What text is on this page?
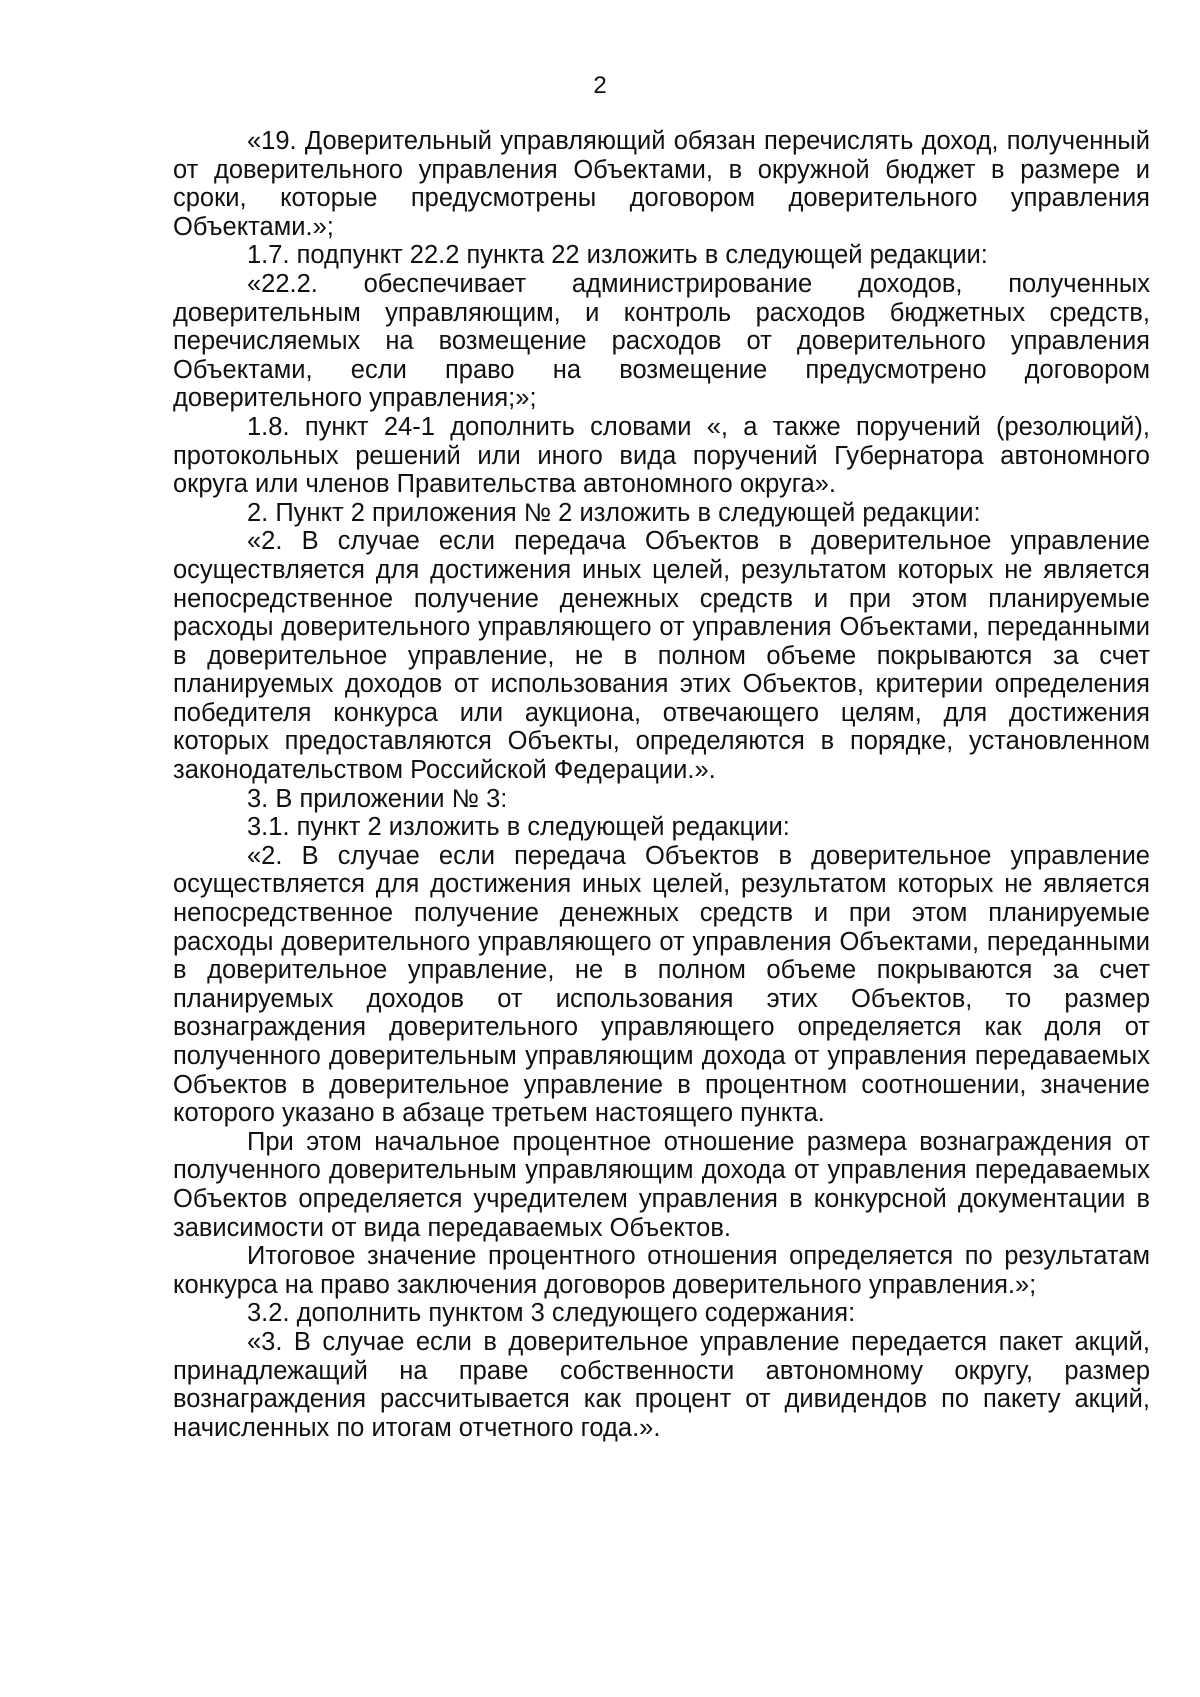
2

«19. Доверительный управляющий обязан перечислять доход, полученный от доверительного управления Объектами, в окружной бюджет в размере и сроки, которые предусмотрены договором доверительного управления Объектами.»;

1.7. подпункт 22.2 пункта 22 изложить в следующей редакции:

«22.2. обеспечивает администрирование доходов, полученных доверительным управляющим, и контроль расходов бюджетных средств, перечисляемых на возмещение расходов от доверительного управления Объектами, если право на возмещение предусмотрено договором доверительного управления;»;

1.8. пункт 24-1 дополнить словами «, а также поручений (резолюций), протокольных решений или иного вида поручений Губернатора автономного округа или членов Правительства автономного округа».

2. Пункт 2 приложения № 2 изложить в следующей редакции:

«2. В случае если передача Объектов в доверительное управление осуществляется для достижения иных целей, результатом которых не является непосредственное получение денежных средств и при этом планируемые расходы доверительного управляющего от управления Объектами, переданными в доверительное управление, не в полном объеме покрываются за счет планируемых доходов от использования этих Объектов, критерии определения победителя конкурса или аукциона, отвечающего целям, для достижения которых предоставляются Объекты, определяются в порядке, установленном законодательством Российской Федерации.».

3. В приложении № 3:

3.1. пункт 2 изложить в следующей редакции:

«2. В случае если передача Объектов в доверительное управление осуществляется для достижения иных целей, результатом которых не является непосредственное получение денежных средств и при этом планируемые расходы доверительного управляющего от управления Объектами, переданными в доверительное управление, не в полном объеме покрываются за счет планируемых доходов от использования этих Объектов, то размер вознаграждения доверительного управляющего определяется как доля от полученного доверительным управляющим дохода от управления передаваемых Объектов в доверительное управление в процентном соотношении, значение которого указано в абзаце третьем настоящего пункта.

При этом начальное процентное отношение размера вознаграждения от полученного доверительным управляющим дохода от управления передаваемых Объектов определяется учредителем управления в конкурсной документации в зависимости от вида передаваемых Объектов.

Итоговое значение процентного отношения определяется по результатам конкурса на право заключения договоров доверительного управления.»;

3.2. дополнить пунктом 3 следующего содержания:

«3. В случае если в доверительное управление передается пакет акций, принадлежащий на праве собственности автономному округу, размер вознаграждения рассчитывается как процент от дивидендов по пакету акций, начисленных по итогам отчетного года.».
